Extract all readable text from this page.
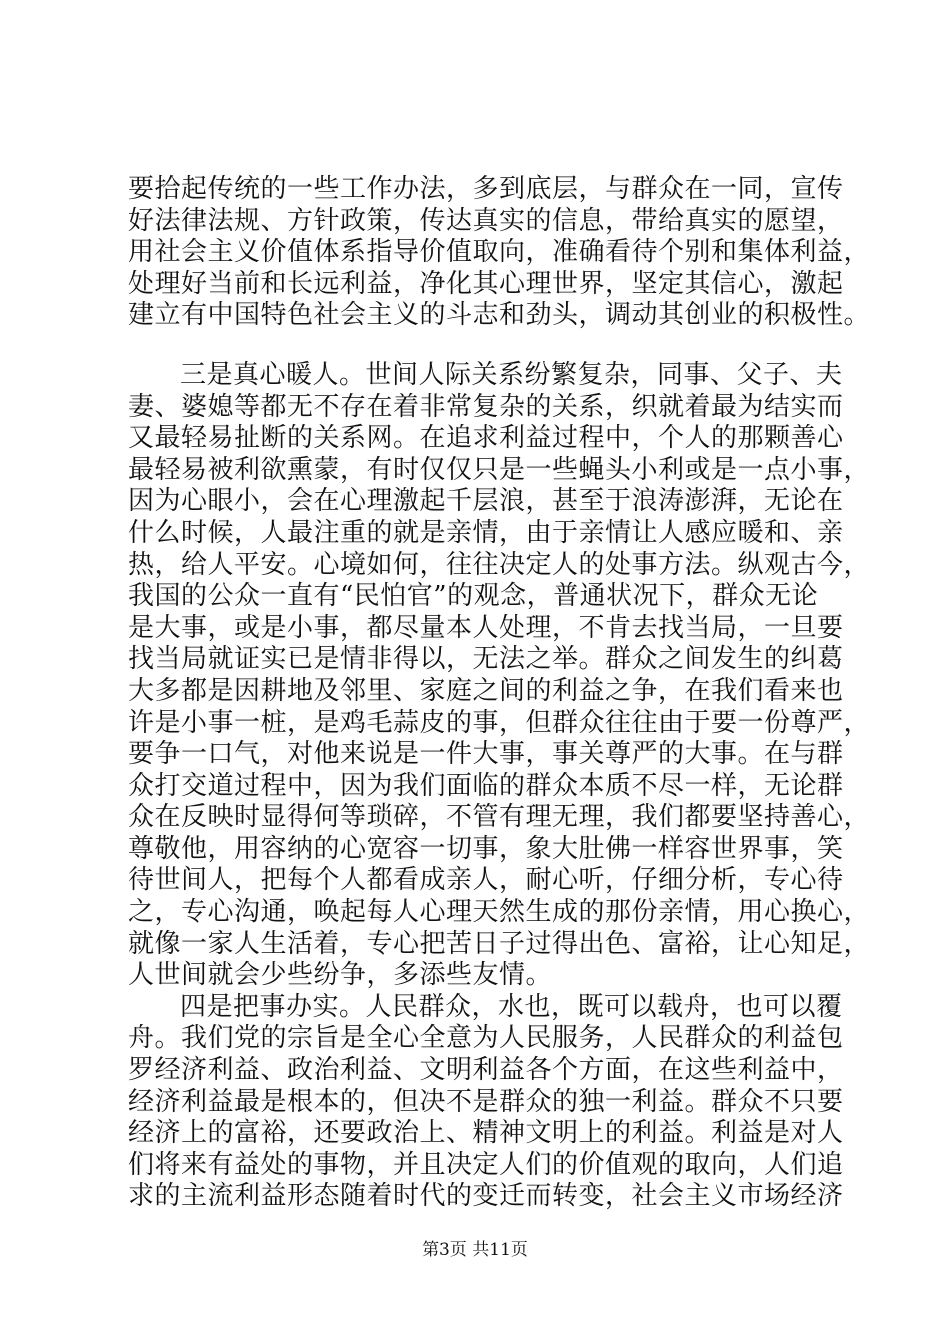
要拾起传统的一些工作办法，多到底层，与群众在一同，宣传
好法律法规、方针政策，传达真实的信息，带给真实的愿望，
用社会主义价值体系指导价值取向，准确看待个别和集体利益，
处理好当前和长远利益，净化其心理世界，坚定其信心，激起
建立有中国特色社会主义的斗志和劲头，调动其创业的积极性。
三是真心暖人。世间人际关系纷繁复杂，同事、父子、夫
妻、婆媳等都无不存在着非常复杂的关系，织就着最为结实而
又最轻易扯断的关系网。在追求利益过程中，个人的那颗善心
最轻易被利欲熏蒙，有时仅仅只是一些蝇头小利或是一点小事，
因为心眼小，会在心理激起千层浪，甚至于浪涛澎湃，无论在
什么时候，人最注重的就是亲情，由于亲情让人感应暖和、亲
热，给人平安。心境如何，往往决定人的处事方法。纵观古今，
我国的公众一直有“民怕官”的观念，普通状况下，群众无论
是大事，或是小事，都尽量本人处理，不肯去找当局，一旦要
找当局就证实已是情非得以，无法之举。群众之间发生的纠葛
大多都是因耕地及邻里、家庭之间的利益之争，在我们看来也
许是小事一桩，是鸡毛蒜皮的事，但群众往往由于要一份尊严，
要争一口气，对他来说是一件大事，事关尊严的大事。在与群
众打交道过程中，因为我们面临的群众本质不尽一样，无论群
众在反映时显得何等琐碎，不管有理无理，我们都要坚持善心，
尊敬他，用容纳的心宽容一切事，象大肚佛一样容世界事，笑
待世间人，把每个人都看成亲人，耐心听，仔细分析，专心待
之，专心沟通，唤起每人心理天然生成的那份亲情，用心换心，
就像一家人生活着，专心把苦日子过得出色、富裕，让心知足，
人世间就会少些纷争，多添些友情。
四是把事办实。人民群众，水也，既可以载舟，也可以覆
舟。我们党的宗旨是全心全意为人民服务，人民群众的利益包
罗经济利益、政治利益、文明利益各个方面，在这些利益中，
经济利益最是根本的，但决不是群众的独一利益。群众不只要
经济上的富裕，还要政治上、精神文明上的利益。利益是对人
们将来有益处的事物，并且决定人们的价值观的取向，人们追
求的主流利益形态随着时代的变迁而转变，社会主义市场经济
第3页 共11页
